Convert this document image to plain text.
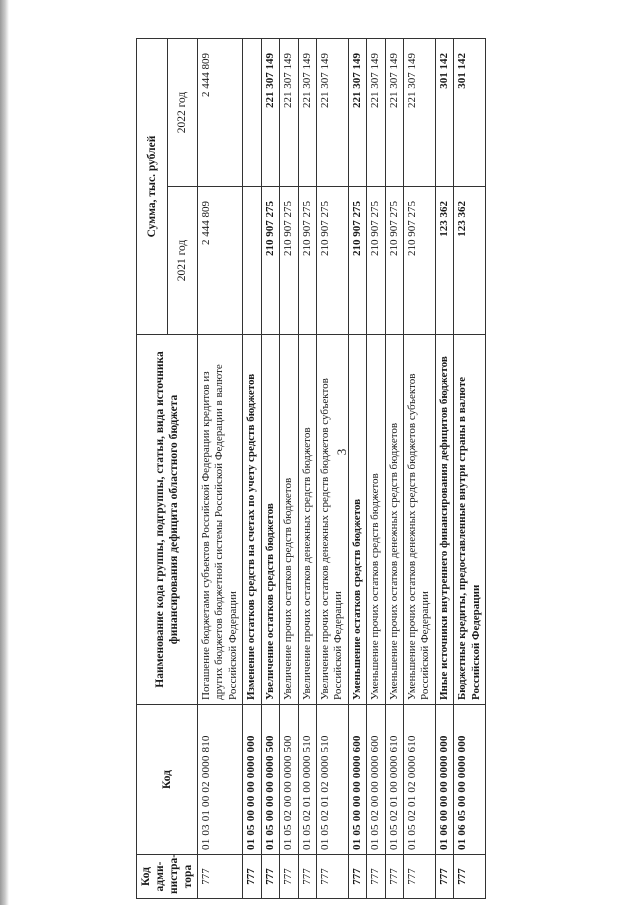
3
Код адми-нистра-тора	Код	Наименование кода группы, подгруппы, статьи, вида источника финансирования дефицита областного бюджета	Сумма, тыс. рублей	
			2021 год	2022 год
777	01 03 01 00 02 0000 810	Погашение бюджетами субъектов Российской Федерации кредитов из других бюджетов бюджетной системы Российской Федерации в валюте Российской Федерации	2 444 809	2 444 809
777	01 05 00 00 00 0000 000	Изменение остатков средств на счетах по учету средств бюджетов		
777	01 05 00 00 00 0000 500	Увеличение остатков средств бюджетов	210 907 275	221 307 149
777	01 05 02 00 00 0000 500	Увеличение прочих остатков средств бюджетов	210 907 275	221 307 149
777	01 05 02 01 00 0000 510	Увеличение прочих остатков денежных средств бюджетов	210 907 275	221 307 149
777	01 05 02 01 02 0000 510	Увеличение прочих остатков денежных средств бюджетов субъектов Российской Федерации	210 907 275	221 307 149
777	01 05 00 00 00 0000 600	Уменьшение остатков средств бюджетов	210 907 275	221 307 149
777	01 05 02 00 00 0000 600	Уменьшение прочих остатков средств бюджетов	210 907 275	221 307 149
777	01 05 02 01 00 0000 610	Уменьшение прочих остатков денежных средств бюджетов	210 907 275	221 307 149
777	01 05 02 01 02 0000 610	Уменьшение прочих остатков денежных средств бюджетов субъектов Российской Федерации	210 907 275	221 307 149
777	01 06 00 00 00 0000 000	Иные источники внутреннего финансирования дефицитов бюджетов	123 362	301 142
777	01 06 05 00 00 0000 000	Бюджетные кредиты, предоставленные внутри страны в валюте Российской Федерации	123 362	301 142
